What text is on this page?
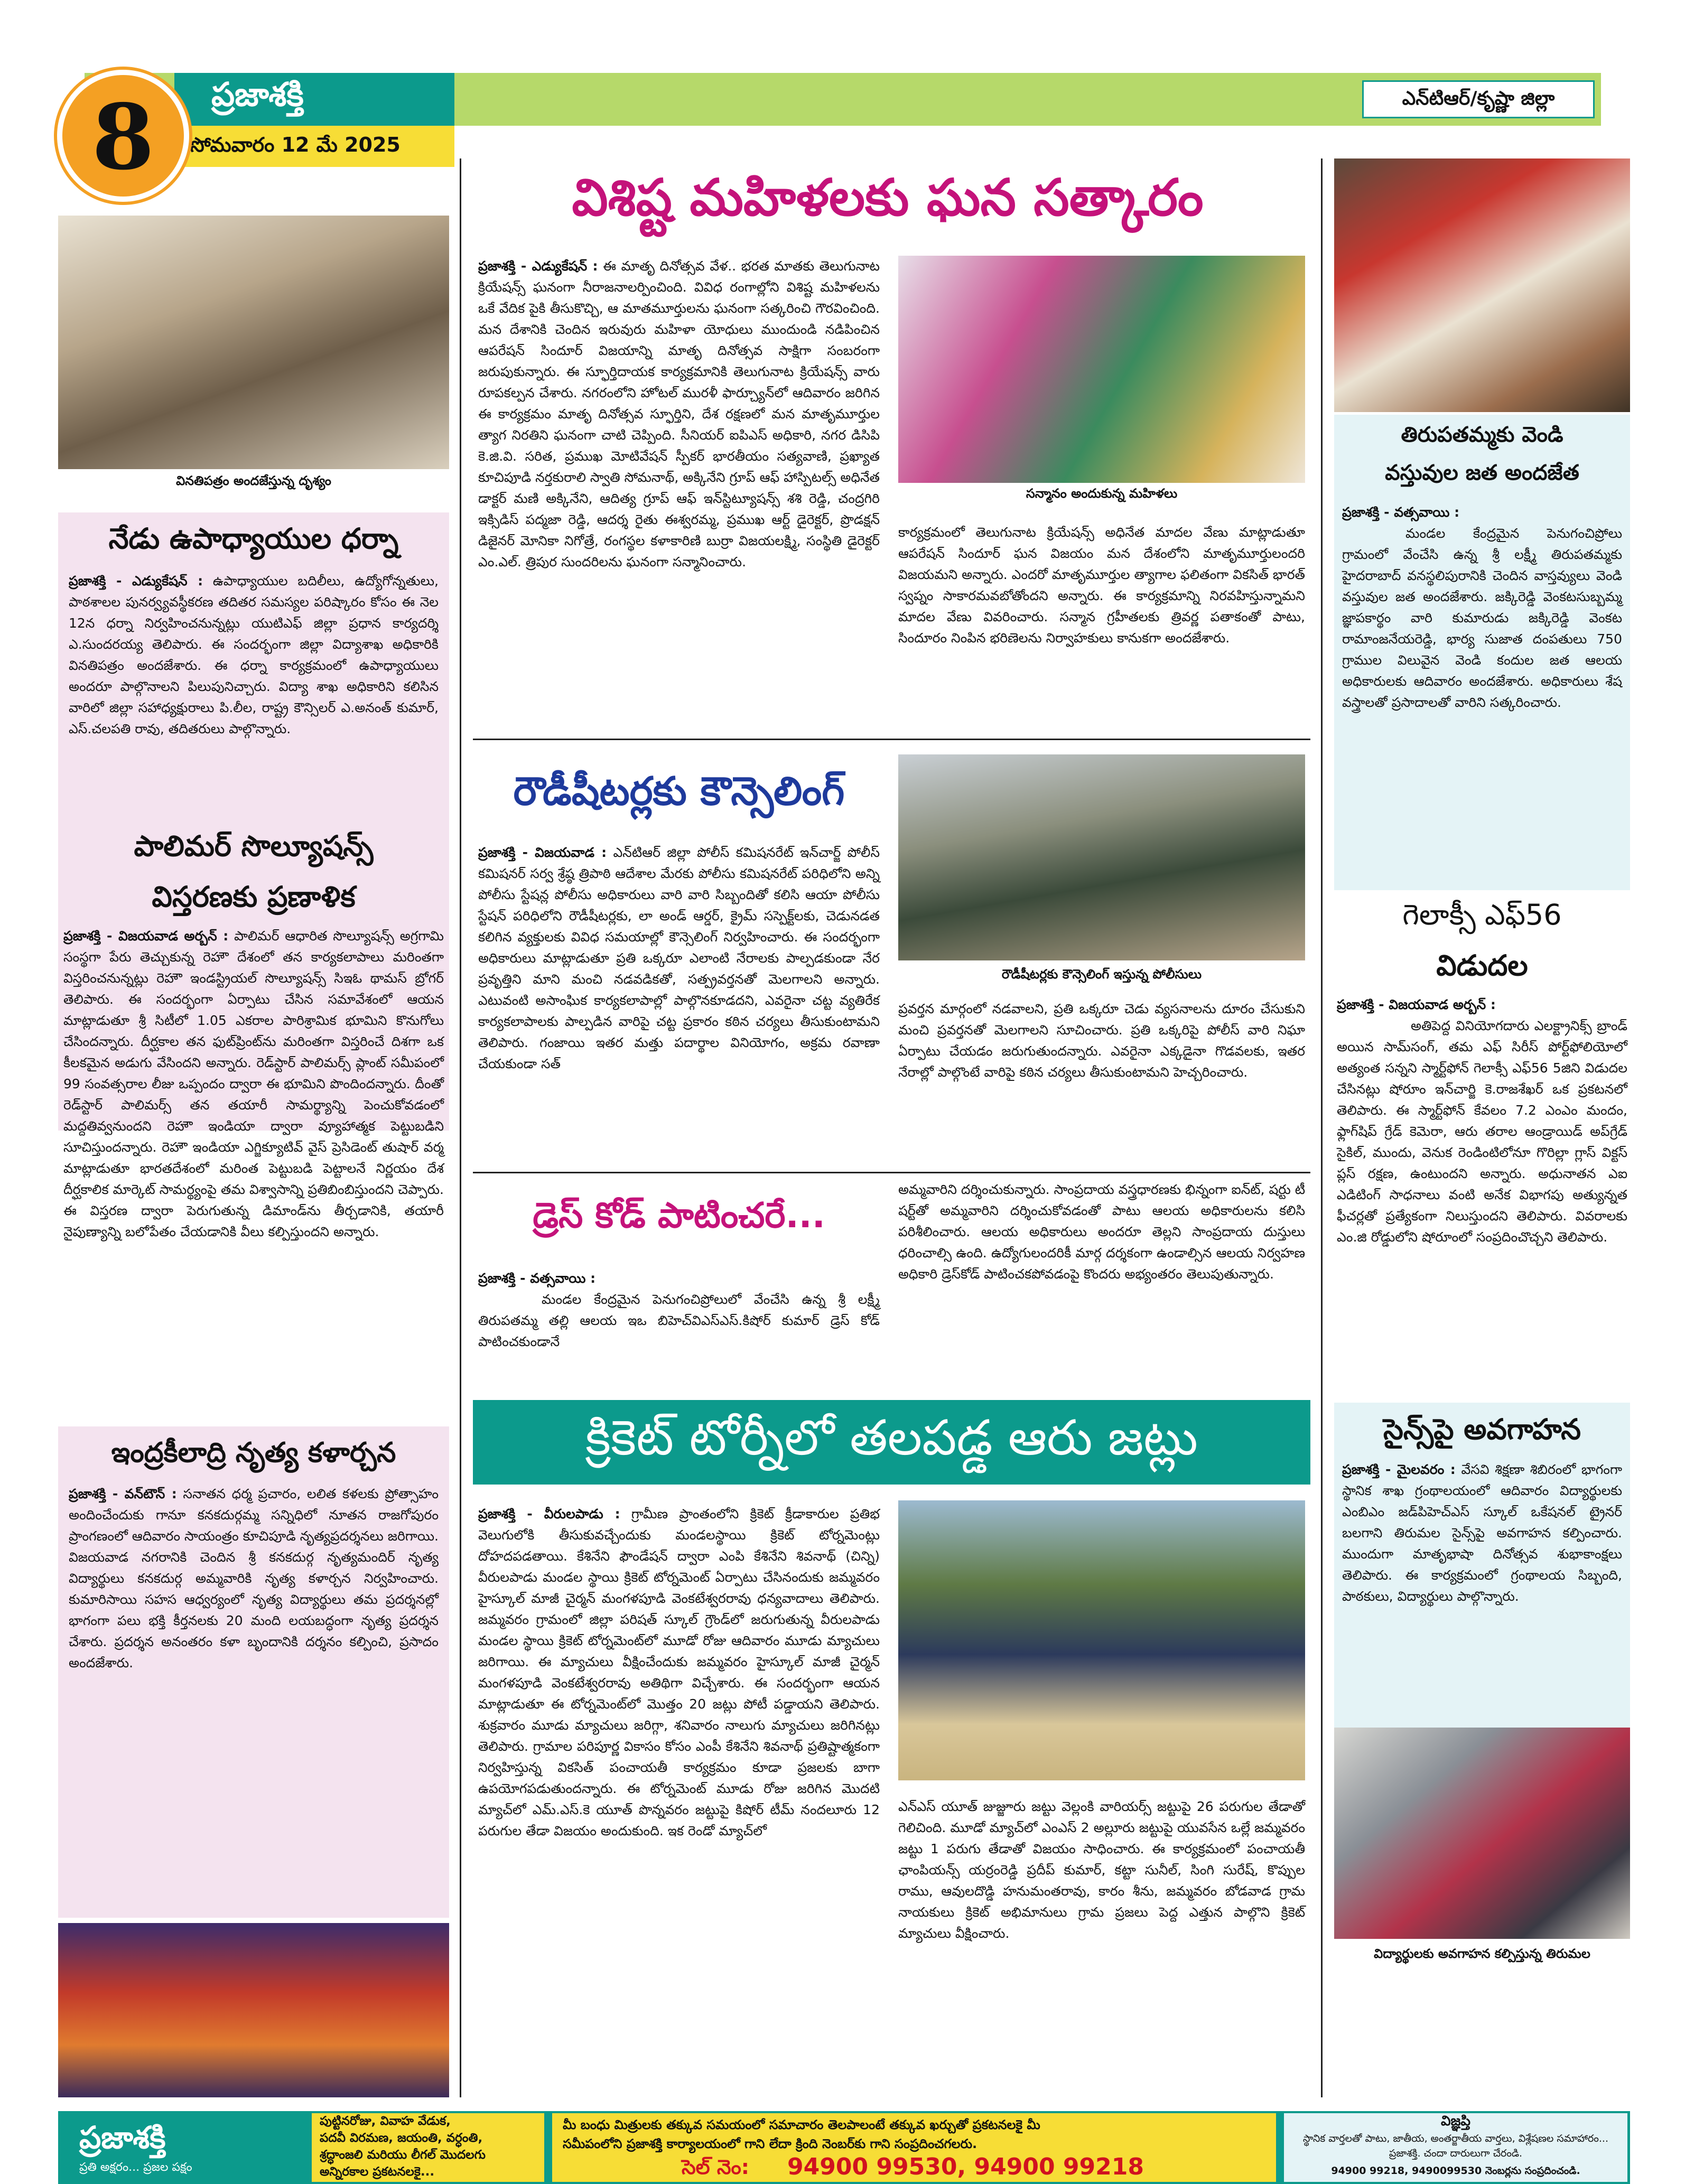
ప్రజాశక్తి
సోమవారం 12 మే 2025
8	ఎన్‌టిఆర్‌/కృష్ణా జిల్లా
వినతిపత్రం అందజేస్తున్న దృశ్యం
నేడు ఉపాధ్యాయుల ధర్నా
ప్రజాశక్తి - ఎడ్యుకేషన్‌ : ఉపాధ్యాయుల బదిలీలు, ఉద్యోగోన్నతులు, పాఠశాలల పునర్వ్యవస్థీకరణ తదితర సమస్యల పరిష్కారం కోసం ఈ నెల 12న ధర్నా నిర్వహించనున్నట్లు యుటిఎఫ్‌ జిల్లా ప్రధాన కార్యదర్శి ఎ.సుందరయ్య తెలిపారు. ఈ సందర్భంగా జిల్లా విద్యాశాఖ అధికారికి వినతిపత్రం అందజేశారు. ఈ ధర్నా కార్యక్రమంలో ఉపాధ్యాయులు అందరూ పాల్గొనాలని పిలుపునిచ్చారు. విద్యా శాఖ అధికారిని కలిసిన వారిలో జిల్లా సహాధ్యక్షురాలు పి.లీల, రాష్ట్ర కౌన్సిలర్‌ ఎ.అనంత్‌ కుమార్‌, ఎస్‌.చలపతి రావు, తదితరులు పాల్గొన్నారు.
పాలిమర్‌ సొల్యూషన్స్‌
విస్తరణకు ప్రణాళిక
ప్రజాశక్తి - విజయవాడ అర్బన్‌ : పాలిమర్‌ ఆధారిత సొల్యూషన్స్‌ అగ్రగామి సంస్థగా పేరు తెచ్చుకున్న రెహౌ దేశంలో తన కార్యకలాపాలు మరింతగా విస్తరించనున్నట్లు రెహౌ ఇండస్ట్రియల్‌ సొల్యూషన్స్‌ సిఇఓ థామస్‌ బ్రోగర్‌ తెలిపారు. ఈ సందర్భంగా ఏర్పాటు చేసిన సమావేశంలో ఆయన మాట్లాడుతూ శ్రీ సిటీలో 1.05 ఎకరాల పారిశ్రామిక భూమిని కొనుగోలు చేసిందన్నారు. దీర్ఘకాల తన ఫుట్‌ప్రింట్‌ను మరింతగా విస్తరించే దిశగా ఒక కీలకమైన అడుగు వేసిందని అన్నారు. రెడ్‌స్టార్‌ పాలిమర్స్‌ ప్లాంట్‌ సమీపంలో 99 సంవత్సరాల లీజు ఒప్పందం ద్వారా ఈ భూమిని పొందిందన్నారు. దీంతో రెడ్‌స్టార్‌ పాలిమర్స్‌ తన తయారీ సామర్థ్యాన్ని పెంచుకోవడంలో మద్దతివ్వనుందని రెహౌ ఇండియా ద్వారా వ్యూహాత్మక పెట్టుబడిని సూచిస్తుందన్నారు. రెహౌ ఇండియా ఎగ్జిక్యూటివ్‌ వైస్‌ ప్రెసిడెంట్‌ తుషార్‌ వర్మ మాట్లాడుతూ భారతదేశంలో మరింత పెట్టుబడి పెట్టాలనే నిర్ణయం దేశ దీర్ఘకాలిక మార్కెట్‌ సామర్థ్యంపై తమ విశ్వాసాన్ని ప్రతిబింబిస్తుందని చెప్పారు. ఈ విస్తరణ ద్వారా పెరుగుతున్న డిమాండ్‌ను తీర్చడానికి, తయారీ నైపుణ్యాన్ని బలోపేతం చేయడానికి వీలు కల్పిస్తుందని అన్నారు.
ఇంద్రకీలాద్రి నృత్య కళార్చన
ప్రజాశక్తి - వన్‌టౌన్‌ : సనాతన ధర్మ ప్రచారం, లలిత కళలకు ప్రోత్సాహం అందించేందుకు గానూ కనకదుర్గమ్మ సన్నిధిలో నూతన రాజగోపురం ప్రాంగణంలో ఆదివారం సాయంత్రం కూచిపూడి నృత్యప్రదర్శనలు జరిగాయి. విజయవాడ నగరానికి చెందిన శ్రీ కనకదుర్గ నృత్యమందిర్‌ నృత్య విద్యార్థులు కనకదుర్గ అమ్మవారికి నృత్య కళార్చన నిర్వహించారు. కుమారిసాయి సహస ఆధ్వర్యంలో నృత్య విద్యార్థులు తమ ప్రదర్శనల్లో భాగంగా పలు భక్తి కీర్తనలకు 20 మంది లయబద్ధంగా నృత్య ప్రదర్శన చేశారు. ప్రదర్శన అనంతరం కళా బృందానికి దర్శనం కల్పించి, ప్రసాదం అందజేశారు.
విశిష్ట మహిళలకు ఘన సత్కారం
ప్రజాశక్తి - ఎడ్యుకేషన్‌ : ఈ మాతృ దినోత్సవ వేళ.. భరత మాతకు తెలుగునాట క్రియేషన్స్‌ ఘనంగా నీరాజనాలర్పించింది. వివిధ రంగాల్లోని విశిష్ట మహిళలను ఒకే వేదిక పైకి తీసుకొచ్చి, ఆ మాతమూర్తులను ఘనంగా సత్కరించి గౌరవించింది. మన దేశానికి చెందిన ఇరువురు మహిళా యోధులు ముందుండి నడిపించిన ఆపరేషన్‌ సిందూర్‌ విజయాన్ని మాతృ దినోత్సవ సాక్షిగా సంబరంగా జరుపుకున్నారు. ఈ స్ఫూర్తిదాయక కార్యక్రమానికి తెలుగునాట క్రియేషన్స్‌ వారు రూపకల్పన చేశారు. నగరంలోని హోటల్‌ మురళీ ఫార్చ్యూన్‌లో ఆదివారం జరిగిన ఈ కార్యక్రమం మాతృ దినోత్సవ స్ఫూర్తిని, దేశ రక్షణలో మన మాతృమూర్తుల త్యాగ నిరతిని ఘనంగా చాటి చెప్పింది. సీనియర్‌ ఐపిఎస్‌ అధికారి, నగర డిసిపి కె.జి.వి. సరిత, ప్రముఖ మోటివేషన్‌ స్పీకర్‌ భారతీయం సత్యవాణి, ప్రఖ్యాత కూచిపూడి నర్తకురాలి స్వాతి సోమనాథ్‌, అక్కినేని గ్రూప్‌ ఆఫ్‌ హాస్పిటల్స్‌ అధినేత డాక్టర్‌ మణి అక్కినేని, ఆదిత్య గ్రూప్‌ ఆఫ్‌ ఇన్‌స్టిట్యూషన్స్‌ శశి రెడ్డి, చంద్రగిరి ఇక్సిడిస్‌ పద్మజా రెడ్డి, ఆదర్శ రైతు ఈశ్వరమ్మ, ప్రముఖ ఆర్ట్‌ డైరెక్టర్‌, ప్రొడక్షన్‌ డిజైనర్‌ మోనికా నిగోత్రే, రంగస్థల కళాకారిణి బుర్రా విజయలక్ష్మి, సంస్థితి డైరెక్టర్‌ ఎం.ఎల్‌. త్రిపుర సుందరిలను ఘనంగా సన్మానించారు.
సన్మానం అందుకున్న మహిళలు
కార్యక్రమంలో తెలుగునాట క్రియేషన్స్‌ అధినేత మాదల వేణు మాట్లాడుతూ ఆపరేషన్‌ సిందూర్‌ ఘన విజయం మన దేశంలోని మాతృమూర్తులందరి విజయమని అన్నారు. ఎందరో మాతృమూర్తుల త్యాగాల ఫలితంగా వికసిత్‌ భారత్‌ స్వప్నం సాకారమవబోతోందని అన్నారు. ఈ కార్యక్రమాన్ని నిరవహిస్తున్నామని మాదల వేణు వివరించారు. సన్మాన గ్రహీతలకు త్రివర్ణ పతాకంతో పాటు, సిందూరం నింపిన భరిణెలను నిర్వాహకులు కానుకగా అందజేశారు.
రౌడీషీటర్లకు కౌన్సెలింగ్‌
ప్రజాశక్తి - విజయవాడ : ఎన్‌టిఆర్‌ జిల్లా పోలీస్‌ కమిషనరేట్‌ ఇన్‌చార్జ్‌ పోలీస్‌ కమిషనర్‌ సర్వ శ్రేష్ఠ త్రిపాఠి ఆదేశాల మేరకు పోలీసు కమిషనరేట్‌ పరిధిలోని అన్ని పోలీసు స్టేషన్ల పోలీసు అధికారులు వారి వారి సిబ్బందితో కలిసి ఆయా పోలీసు స్టేషన్‌ పరిధిలోని రౌడీషీటర్లకు, లా అండ్‌ ఆర్డర్‌, క్రైమ్‌ సస్పెక్ట్‌లకు, చెడునడత కలిగిన వ్యక్తులకు వివిధ సమయాల్లో కౌన్సెలింగ్‌ నిర్వహించారు. ఈ సందర్భంగా అధికారులు మాట్లాడుతూ ప్రతి ఒక్కరూ ఎలాంటి నేరాలకు పాల్పడకుండా నేర ప్రవృత్తిని మాని మంచి నడవడికతో, సత్ప్రవర్తనతో మెలగాలని అన్నారు. ఎటువంటి అసాంఘిక కార్యకలాపాల్లో పాల్గొనకూడదని, ఎవరైనా చట్ట వ్యతిరేక కార్యకలాపాలకు పాల్పడిన వారిపై చట్ట ప్రకారం కఠిన చర్యలు తీసుకుంటామని తెలిపారు. గంజాయి ఇతర మత్తు పదార్థాల వినియోగం, అక్రమ రవాణా చేయకుండా సత్
రౌడీషీటర్లకు కౌన్సెలింగ్‌ ఇస్తున్న పోలీసులు
ప్రవర్తన మార్గంలో నడవాలని, ప్రతి ఒక్కరూ చెడు వ్యసనాలను దూరం చేసుకుని మంచి ప్రవర్తనతో మెలగాలని సూచించారు. ప్రతి ఒక్కరిపై పోలీస్‌ వారి నిఘా ఏర్పాటు చేయడం జరుగుతుందన్నారు. ఎవరైనా ఎక్కడైనా గొడవలకు, ఇతర నేరాల్లో పాల్గొంటే వారిపై కఠిన చర్యలు తీసుకుంటామని హెచ్చరించారు.
డ్రెస్‌ కోడ్‌ పాటించరే...
ప్రజాశక్తి - వత్సవాయి :
మండల కేంద్రమైన పెనుగంచిప్రోలులో వేంచేసి ఉన్న శ్రీ లక్ష్మీ తిరుపతమ్మ తల్లి ఆలయ ఇఒ బిహెచ్‌విఎస్‌ఎస్‌.కిషోర్‌ కుమార్‌ డ్రెస్‌ కోడ్‌ పాటించకుండానే
అమ్మవారిని దర్శించుకున్నారు. సాంప్రదాయ వస్త్రధారణకు భిన్నంగా ఐన్‌ట్‌, షర్టు టీ షర్ట్‌తో అమ్మవారిని దర్శించుకోవడంతో పాటు ఆలయ అధికారులను కలిసి పరిశీలించారు. ఆలయ అధికారులు అందరూ తెల్లని సాంప్రదాయ దుస్తులు ధరించాల్సి ఉంది. ఉద్యోగులందరికీ మార్గ దర్శకంగా ఉండాల్సిన ఆలయ నిర్వహణ అధికారి డ్రెస్‌కోడ్‌ పాటించకపోవడంపై కొందరు అభ్యంతరం తెలుపుతున్నారు.
క్రికెట్‌ టోర్నీలో తలపడ్డ ఆరు జట్లు
ప్రజాశక్తి - వీరులపాడు : గ్రామీణ ప్రాంతంలోని క్రికెట్‌ క్రీడాకారుల ప్రతిభ వెలుగులోకి తీసుకువచ్చేందుకు మండలస్థాయి క్రికెట్‌ టోర్నమెంట్లు దోహదపడతాయి. కేశినేని ఫౌండేషన్‌ ద్వారా ఎంపి కేశినేని శివనాథ్‌ (చిన్ని) వీరులపాడు మండల స్థాయి క్రికెట్‌ టోర్నమెంట్‌ ఏర్పాటు చేసినందుకు జమ్మవరం హైస్కూల్‌ మాజీ చైర్మన్‌ మంగళపూడి వెంకటేశ్వరరావు ధన్యవాదాలు తెలిపారు. జమ్మవరం గ్రామంలో జిల్లా పరిషత్‌ స్కూల్‌ గ్రౌండ్‌లో జరుగుతున్న వీరులపాడు మండల స్థాయి క్రికెట్‌ టోర్నమెంట్‌లో మూడో రోజు ఆదివారం మూడు మ్యాచులు జరిగాయి. ఈ మ్యాచులు వీక్షించేందుకు జమ్మవరం హైస్కూల్‌ మాజీ చైర్మన్‌ మంగళపూడి వెంకటేశ్వరరావు అతిథిగా విచ్చేశారు. ఈ సందర్భంగా ఆయన మాట్లాడుతూ ఈ టోర్నమెంట్‌లో మొత్తం 20 జట్లు పోటీ పడ్డాయని తెలిపారు. శుక్రవారం మూడు మ్యాచులు జరిగ్గా, శనివారం నాలుగు మ్యాచులు జరిగినట్లు తెలిపారు. గ్రామాల పరిపూర్ణ వికాసం కోసం ఎంపీ కేశినేని శివనాథ్‌ ప్రతిష్టాత్మకంగా నిర్వహిస్తున్న వికసిత్‌ పంచాయతీ కార్యక్రమం కూడా ప్రజలకు బాగా ఉపయోగపడుతుందన్నారు. ఈ టోర్నమెంట్‌ మూడు రోజు జరిగిన మొదటి మ్యాచ్‌లో ఎమ్‌.ఎస్‌.కె యూత్‌ పొన్నవరం జట్టుపై కిషోర్‌ టీమ్‌ నందలూరు 12 పరుగుల తేడా విజయం అందుకుంది. ఇక రెండో మ్యాచ్‌లో
ఎన్‌ఎస్‌ యూత్‌ జుజ్జూరు జట్టు వెల్లంకి వారియర్స్‌ జట్టుపై 26 పరుగుల తేడాతో గెలిచింది. మూడో మ్యాచ్‌లో ఎంఎస్‌ 2 అల్లూరు జట్టుపై యువసేన ఒల్లే జమ్మవరం జట్టు 1 పరుగు తేడాతో విజయం సాధించారు. ఈ కార్యక్రమంలో పంచాయతీ ఛాంపియన్స్‌ యర్రంరెడ్డి ప్రదీప్‌ కుమార్‌, కట్టా సునీల్‌, సింగి సురేష్‌, కొప్పుల రాము, ఆవులదొడ్డి హనుమంతరావు, కారం శీను, జమ్మవరం బోడవాడ గ్రామ నాయకులు క్రికెట్‌ అభిమానులు గ్రామ ప్రజలు పెద్ద ఎత్తున పాల్గొని క్రికెట్‌ మ్యాచులు వీక్షించారు.
తిరుపతమ్మకు వెండి
వస్తువుల జత అందజేత
ప్రజాశక్తి - వత్సవాయి :
మండల కేంద్రమైన పెనుగంచిప్రోలు గ్రామంలో వేంచేసి ఉన్న శ్రీ లక్ష్మీ తిరుపతమ్మకు హైదరాబాద్‌ వనస్థలిపురానికి చెందిన వాస్తవ్యులు వెండి వస్తువుల జత అందజేశారు. జక్కిరెడ్డి వెంకటసుబ్బమ్మ జ్ఞాపకార్థం వారి కుమారుడు జక్కిరెడ్డి వెంకట రామాంజనేయరెడ్డి, భార్య సుజాత దంపతులు 750 గ్రాముల విలువైన వెండి కందుల జత ఆలయ అధికారులకు ఆదివారం అందజేశారు. అధికారులు శేష వస్త్రాలతో ప్రసాదాలతో వారిని సత్కరించారు.
గెలాక్సీ ఎఫ్‌56
విడుదల
ప్రజాశక్తి - విజయవాడ అర్బన్‌ :
అతిపెద్ద వినియోగదారు ఎలక్ట్రానిక్స్‌ బ్రాండ్‌ అయిన సామ్‌సంగ్‌, తమ ఎఫ్‌ సిరీస్‌ పోర్ట్‌ఫోలియోలో అత్యంత సన్నని స్మార్ట్‌ఫోన్‌ గెలాక్సీ ఎఫ్‌56 5జిని విడుదల చేసినట్లు షోరూం ఇన్‌చార్జి కె.రాజశేఖర్‌ ఒక ప్రకటనలో తెలిపారు. ఈ స్మార్ట్‌ఫోన్‌ కేవలం 7.2 ఎంఎం మందం, ఫ్లాగ్‌షిప్‌ గ్రేడ్‌ కెమెరా, ఆరు తరాల ఆండ్రాయిడ్‌ అప్‌గ్రేడ్‌ సైకిల్‌, ముందు, వెనుక రెండింటిలోనూ గొరిల్లా గ్లాస్‌ విక్టస్‌ ప్లస్‌ రక్షణ, ఉంటుందని అన్నారు. అధునాతన ఎఐ ఎడిటింగ్‌ సాధనాలు వంటి అనేక విభాగపు అత్యున్నత ఫీచర్లతో ప్రత్యేకంగా నిలుస్తుందని తెలిపారు. వివరాలకు ఎం.జి రోడ్డులోని షోరూంలో సంప్రదించొచ్చని తెలిపారు.
సైన్స్‌పై అవగాహన
ప్రజాశక్తి - మైలవరం : వేసవి శిక్షణా శిబిరంలో భాగంగా స్థానిక శాఖ గ్రంథాలయంలో ఆదివారం విద్యార్థులకు ఎంబిఎం జడ్‌పిహెచ్‌ఎస్‌ స్కూల్‌ ఒకేషనల్‌ ట్రైనర్‌ బలగాని తిరుమల సైన్స్‌పై అవగాహన కల్పించారు. ముందుగా మాతృభాషా దినోత్సవ శుభాకాంక్షలు తెలిపారు. ఈ కార్యక్రమంలో గ్రంథాలయ సిబ్బంది, పాఠకులు, విద్యార్థులు పాల్గొన్నారు.
విద్యార్థులకు అవగాహన కల్పిస్తున్న తిరుమల
ప్రజాశక్తి
ప్రతి అక్షరం... ప్రజల పక్షం
పుట్టినరోజు, వివాహ వేడుక,
పదవీ విరమణ, జయంతి, వర్ధంతి,
శ్రద్ధాంజలి మరియు లీగల్‌ మొదలగు
అన్నిరకాల ప్రకటనలకై...
మీ బంధు మిత్రులకు తక్కువ సమయంలో సమాచారం తెలపాలంటే తక్కువ ఖర్చుతో ప్రకటనలకై మీ
సమీపంలోని ప్రజాశక్తి కార్యాలయంలో గాని లేదా క్రింది నెంబర్‌కు గాని సంప్రదించగలరు.
సెల్‌ నెం: 94900 99530, 94900 99218
విజ్ఞప్తి
స్థానిక వార్తలతో పాటు, జాతీయ, అంతర్జాతీయ వార్తలు, విశ్లేషణల సమాహారం... ప్రజాశక్తి. చందా దారులుగా చేరండి.
94900 99218, 9490099530 నెంబర్లను సంప్రదించండి.
